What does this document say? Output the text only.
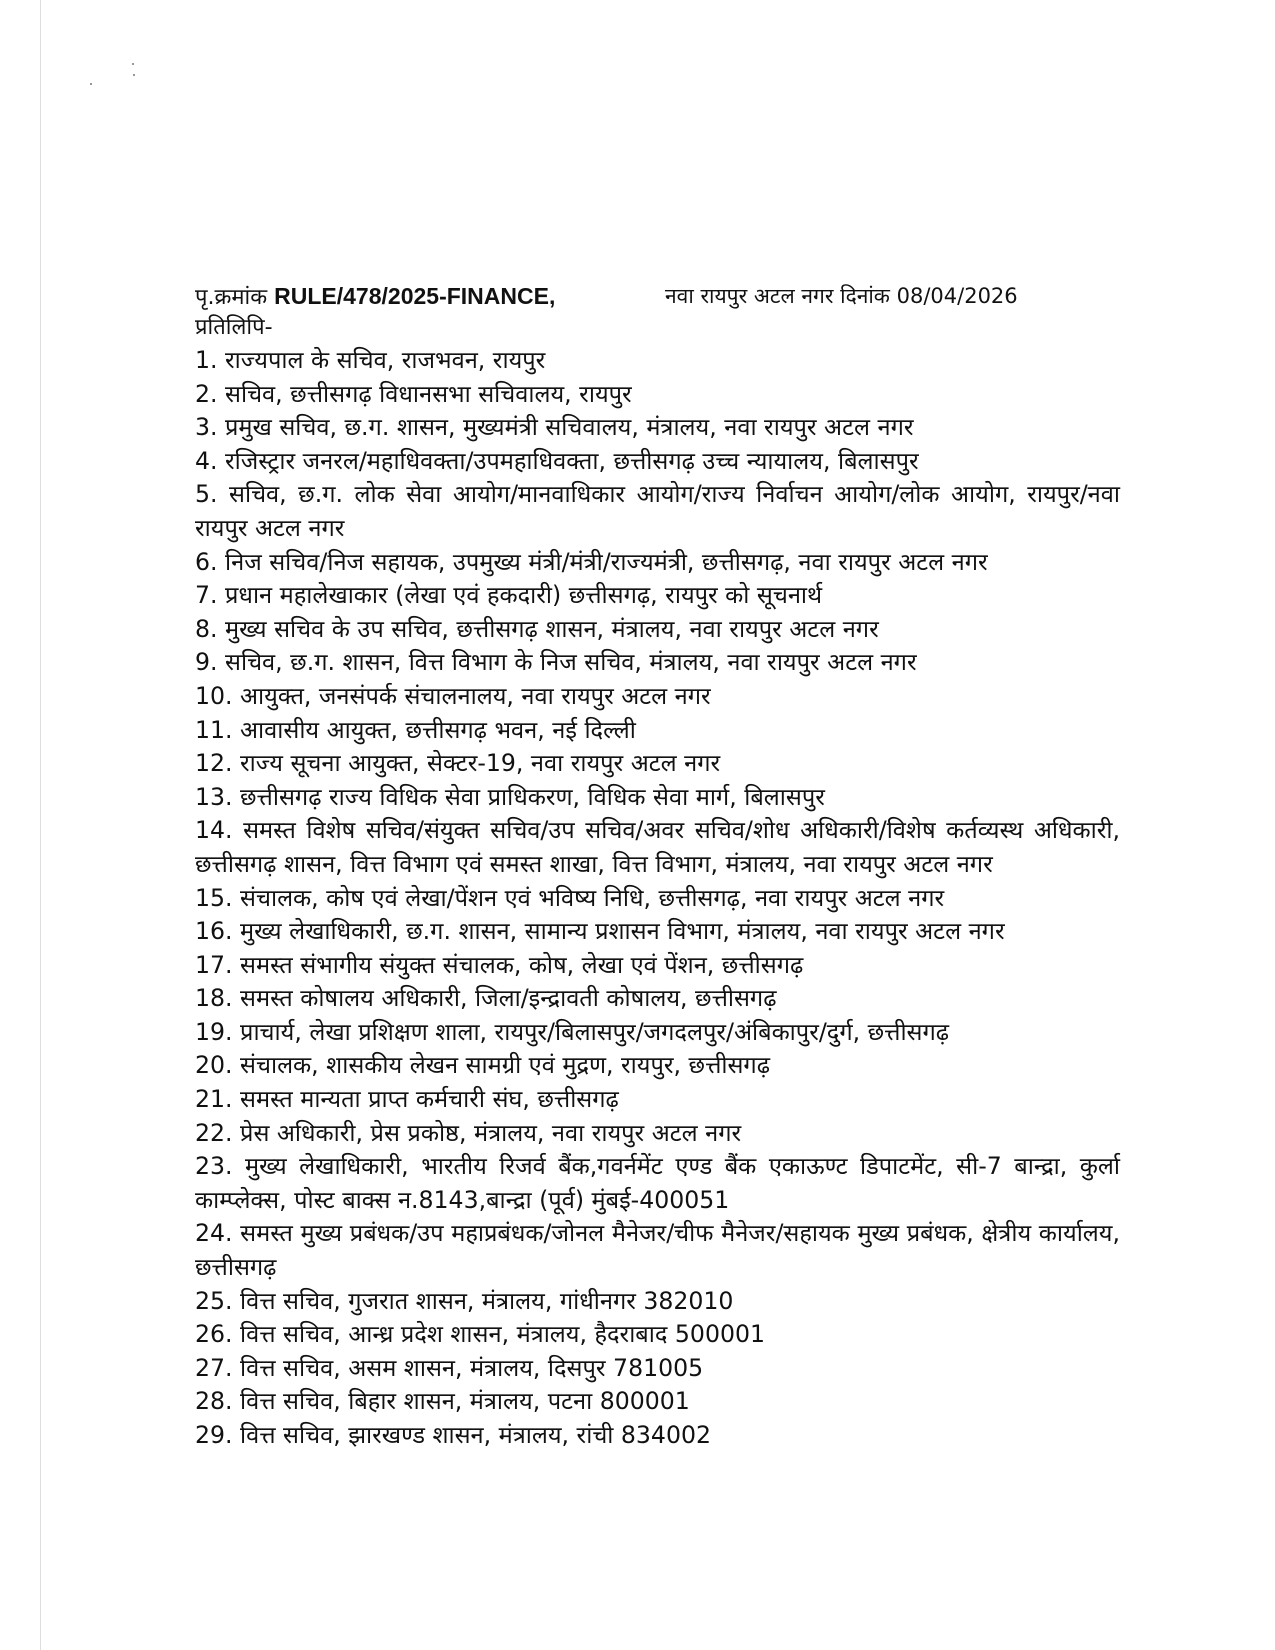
पृ.क्रमांक RULE/478/2025-FINANCE,	नवा रायपुर अटल नगर दिनांक 08/04/2026
प्रतिलिपि-
1. राज्यपाल के सचिव, राजभवन, रायपुर
2. सचिव, छत्तीसगढ़ विधानसभा सचिवालय, रायपुर
3. प्रमुख सचिव, छ.ग. शासन, मुख्यमंत्री सचिवालय, मंत्रालय, नवा रायपुर अटल नगर
4. रजिस्ट्रार जनरल/महाधिवक्ता/उपमहाधिवक्ता, छत्तीसगढ़ उच्च न्यायालय, बिलासपुर
5. सचिव, छ.ग. लोक सेवा आयोग/मानवाधिकार आयोग/राज्य निर्वाचन आयोग/लोक आयोग, रायपुर/नवा रायपुर अटल नगर
6. निज सचिव/निज सहायक, उपमुख्य मंत्री/मंत्री/राज्यमंत्री, छत्तीसगढ़, नवा रायपुर अटल नगर
7. प्रधान महालेखाकार (लेखा एवं हकदारी) छत्तीसगढ़, रायपुर को सूचनार्थ
8. मुख्य सचिव के उप सचिव, छत्तीसगढ़ शासन, मंत्रालय, नवा रायपुर अटल नगर
9. सचिव, छ.ग. शासन, वित्त विभाग के निज सचिव, मंत्रालय, नवा रायपुर अटल नगर
10. आयुक्त, जनसंपर्क संचालनालय, नवा रायपुर अटल नगर
11. आवासीय आयुक्त, छत्तीसगढ़ भवन, नई दिल्ली
12. राज्य सूचना आयुक्त, सेक्टर-19, नवा रायपुर अटल नगर
13. छत्तीसगढ़ राज्य विधिक सेवा प्राधिकरण, विधिक सेवा मार्ग, बिलासपुर
14. समस्त विशेष सचिव/संयुक्त सचिव/उप सचिव/अवर सचिव/शोध अधिकारी/विशेष कर्तव्यस्थ अधिकारी, छत्तीसगढ़ शासन, वित्त विभाग एवं समस्त शाखा, वित्त विभाग, मंत्रालय, नवा रायपुर अटल नगर
15. संचालक, कोष एवं लेखा/पेंशन एवं भविष्य निधि, छत्तीसगढ़, नवा रायपुर अटल नगर
16. मुख्य लेखाधिकारी, छ.ग. शासन, सामान्य प्रशासन विभाग, मंत्रालय, नवा रायपुर अटल नगर
17. समस्त संभागीय संयुक्त संचालक, कोष, लेखा एवं पेंशन, छत्तीसगढ़
18. समस्त कोषालय अधिकारी, जिला/इन्द्रावती कोषालय, छत्तीसगढ़
19. प्राचार्य, लेखा प्रशिक्षण शाला, रायपुर/बिलासपुर/जगदलपुर/अंबिकापुर/दुर्ग, छत्तीसगढ़
20. संचालक, शासकीय लेखन सामग्री एवं मुद्रण, रायपुर, छत्तीसगढ़
21. समस्त मान्यता प्राप्त कर्मचारी संघ, छत्तीसगढ़
22. प्रेस अधिकारी, प्रेस प्रकोष्ठ, मंत्रालय, नवा रायपुर अटल नगर
23. मुख्य लेखाधिकारी, भारतीय रिजर्व बैंक,गवर्नमेंट एण्ड बैंक एकाऊण्ट डिपाटमेंट, सी-7 बान्द्रा, कुर्ला काम्प्लेक्स, पोस्ट बाक्स न.8143,बान्द्रा (पूर्व) मुंबई-400051
24. समस्त मुख्य प्रबंधक/उप महाप्रबंधक/जोनल मैनेजर/चीफ मैनेजर/सहायक मुख्य प्रबंधक, क्षेत्रीय कार्यालय, छत्तीसगढ़
25. वित्त सचिव, गुजरात शासन, मंत्रालय, गांधीनगर 382010
26. वित्त सचिव, आन्ध्र प्रदेश शासन, मंत्रालय, हैदराबाद 500001
27. वित्त सचिव, असम शासन, मंत्रालय, दिसपुर 781005
28. वित्त सचिव, बिहार शासन, मंत्रालय, पटना 800001
29. वित्त सचिव, झारखण्ड शासन, मंत्रालय, रांची 834002
